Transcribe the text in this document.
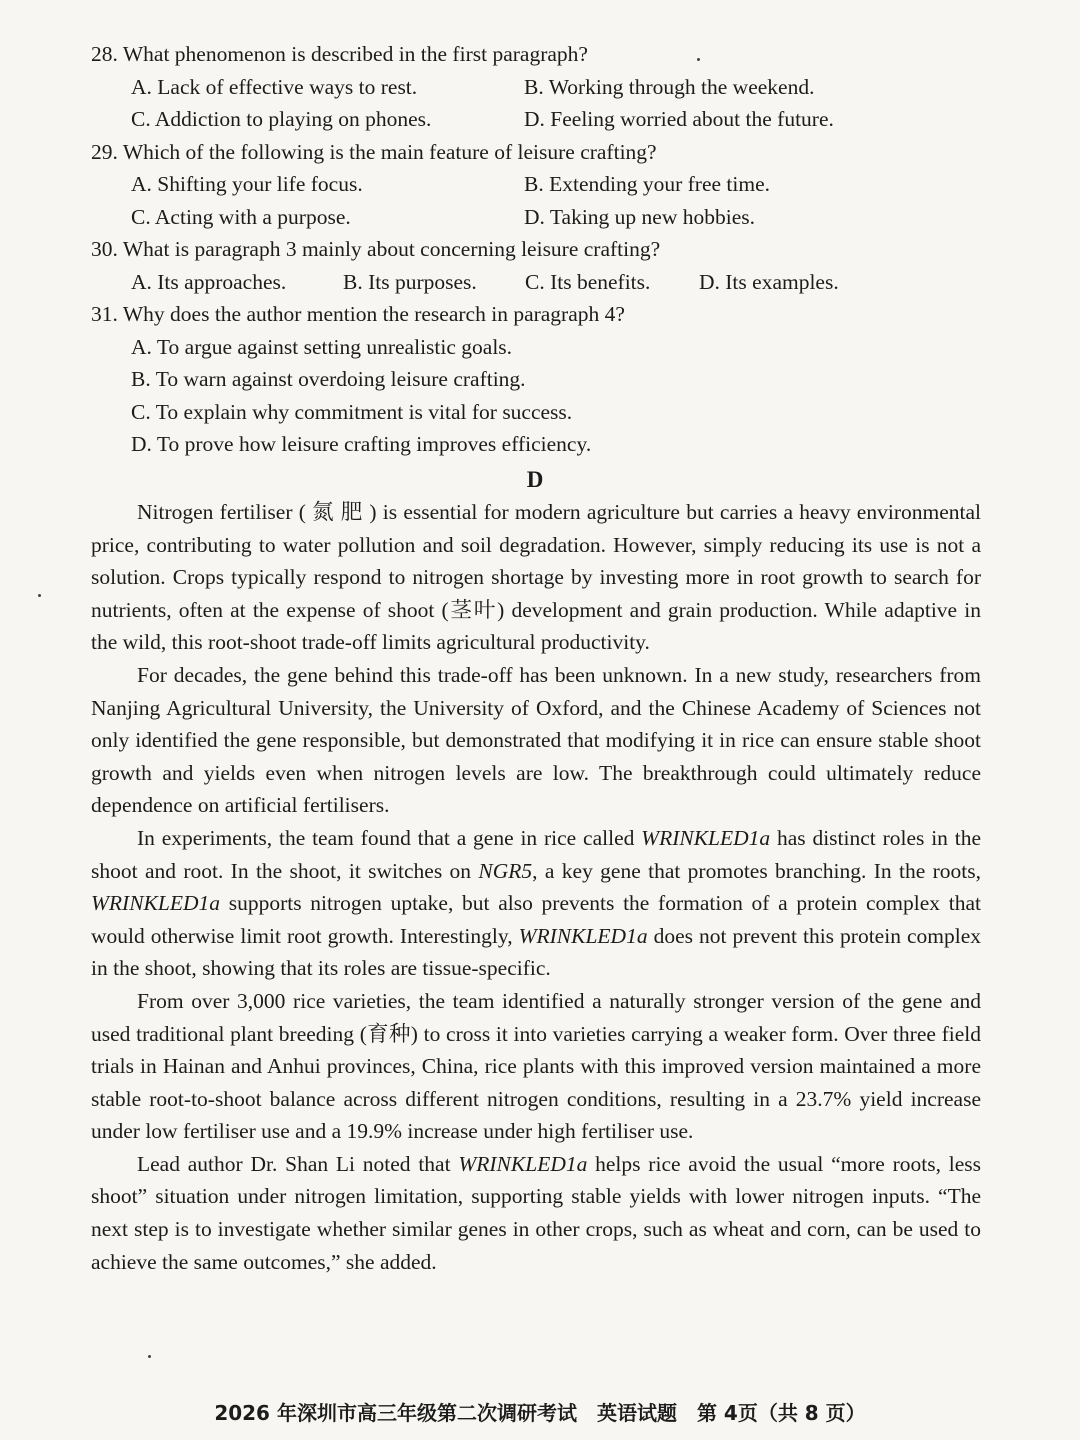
28. What phenomenon is described in the first paragraph?
A. Lack of effective ways to rest.	B. Working through the weekend.
C. Addiction to playing on phones.	D. Feeling worried about the future.
29. Which of the following is the main feature of leisure crafting?
A. Shifting your life focus.	B. Extending your free time.
C. Acting with a purpose.	D. Taking up new hobbies.
30. What is paragraph 3 mainly about concerning leisure crafting?
A. Its approaches.	B. Its purposes.	C. Its benefits.	D. Its examples.
31. Why does the author mention the research in paragraph 4?
A. To argue against setting unrealistic goals.
B. To warn against overdoing leisure crafting.
C. To explain why commitment is vital for success.
D. To prove how leisure crafting improves efficiency.
D

Nitrogen fertiliser ( 氮 肥 ) is essential for modern agriculture but carries a heavy environmental price, contributing to water pollution and soil degradation. However, simply reducing its use is not a solution. Crops typically respond to nitrogen shortage by investing more in root growth to search for nutrients, often at the expense of shoot (茎叶) development and grain production. While adaptive in the wild, this root-shoot trade-off limits agricultural productivity.

For decades, the gene behind this trade-off has been unknown. In a new study, researchers from Nanjing Agricultural University, the University of Oxford, and the Chinese Academy of Sciences not only identified the gene responsible, but demonstrated that modifying it in rice can ensure stable shoot growth and yields even when nitrogen levels are low. The breakthrough could ultimately reduce dependence on artificial fertilisers.

In experiments, the team found that a gene in rice called WRINKLED1a has distinct roles in the shoot and root. In the shoot, it switches on NGR5, a key gene that promotes branching. In the roots, WRINKLED1a supports nitrogen uptake, but also prevents the formation of a protein complex that would otherwise limit root growth. Interestingly, WRINKLED1a does not prevent this protein complex in the shoot, showing that its roles are tissue-specific.

From over 3,000 rice varieties, the team identified a naturally stronger version of the gene and used traditional plant breeding (育种) to cross it into varieties carrying a weaker form. Over three field trials in Hainan and Anhui provinces, China, rice plants with this improved version maintained a more stable root-to-shoot balance across different nitrogen conditions, resulting in a 23.7% yield increase under low fertiliser use and a 19.9% increase under high fertiliser use.

Lead author Dr. Shan Li noted that WRINKLED1a helps rice avoid the usual “more roots, less shoot” situation under nitrogen limitation, supporting stable yields with lower nitrogen inputs. “The next step is to investigate whether similar genes in other crops, such as wheat and corn, can be used to achieve the same outcomes,” she added.

2026 年深圳市高三年级第二次调研考试　英语试题　第 4页（共 8 页）
